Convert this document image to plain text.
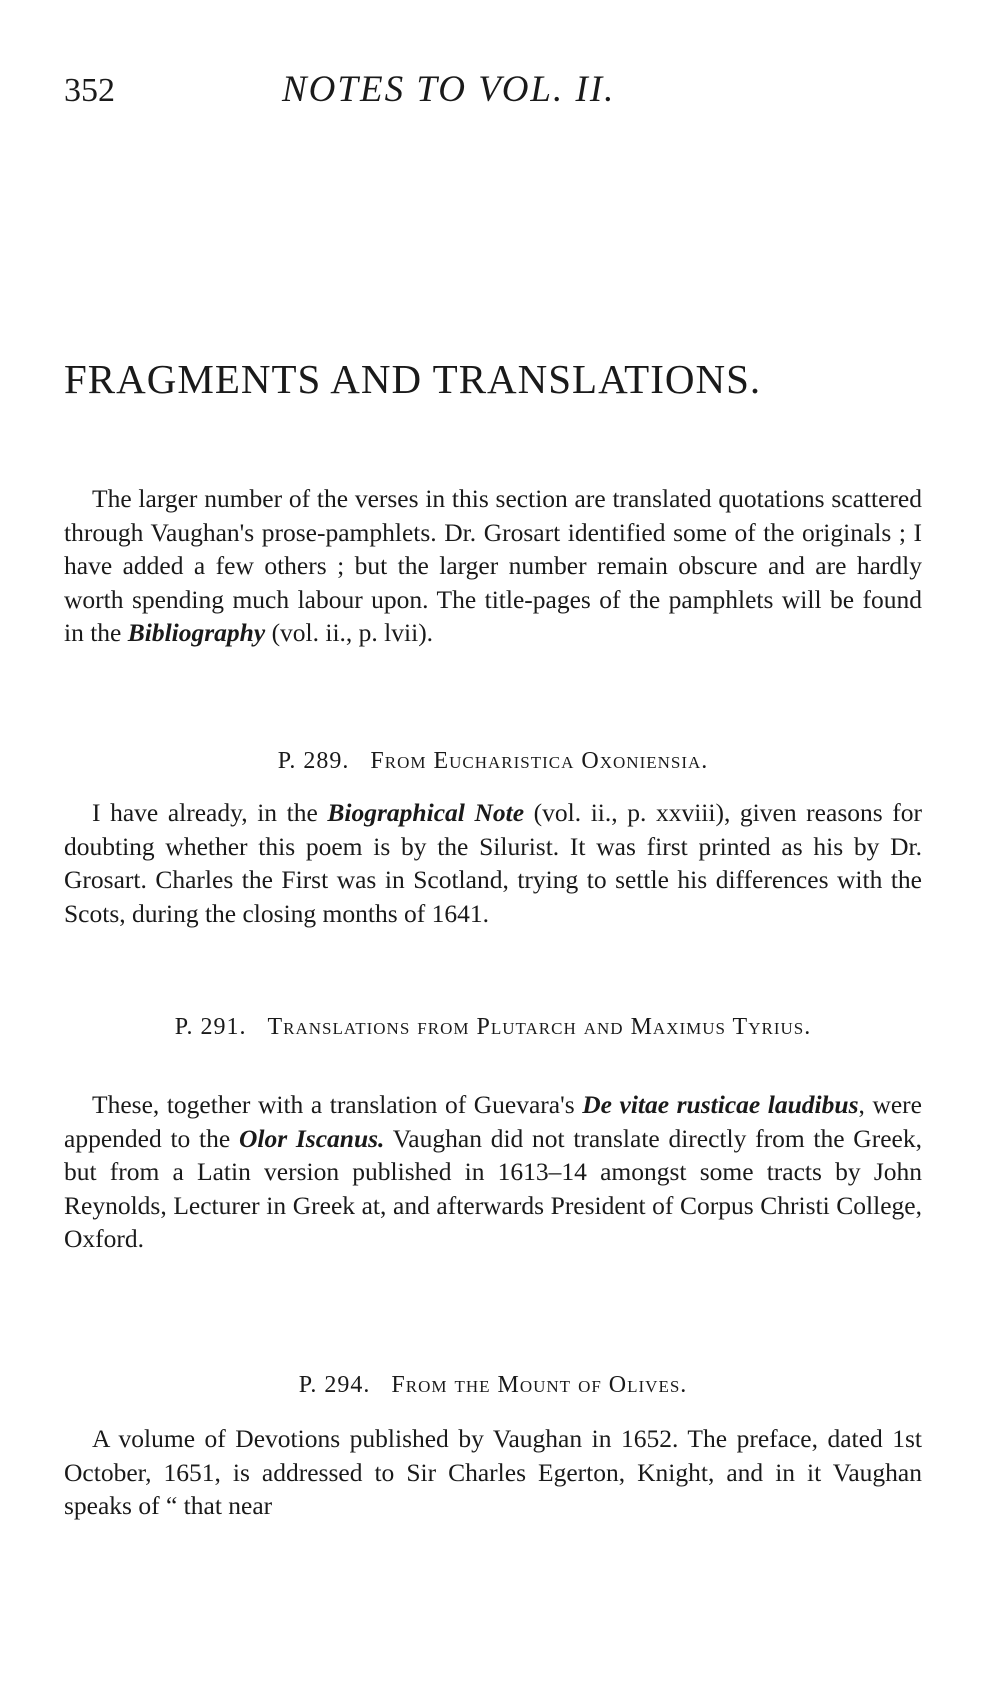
352	NOTES TO VOL. II.
FRAGMENTS AND TRANSLATIONS.

The larger number of the verses in this section are translated quotations scattered through Vaughan's prose-pamphlets. Dr. Grosart identified some of the originals ; I have added a few others ; but the larger number remain obscure and are hardly worth spending much labour upon. The title-pages of the pamphlets will be found in the Bibliography (vol. ii., p. lvii).

P. 289. From Eucharistica Oxoniensia.

I have already, in the Biographical Note (vol. ii., p. xxviii), given reasons for doubting whether this poem is by the Silurist. It was first printed as his by Dr. Grosart. Charles the First was in Scotland, trying to settle his differences with the Scots, during the closing months of 1641.

P. 291. Translations from Plutarch and Maximus Tyrius.

These, together with a translation of Guevara's De vitae rusticae laudibus, were appended to the Olor Iscanus. Vaughan did not translate directly from the Greek, but from a Latin version published in 1613–14 amongst some tracts by John Reynolds, Lecturer in Greek at, and afterwards President of Corpus Christi College, Oxford.

P. 294. From the Mount of Olives.

A volume of Devotions published by Vaughan in 1652. The preface, dated 1st October, 1651, is addressed to Sir Charles Egerton, Knight, and in it Vaughan speaks of “ that near
